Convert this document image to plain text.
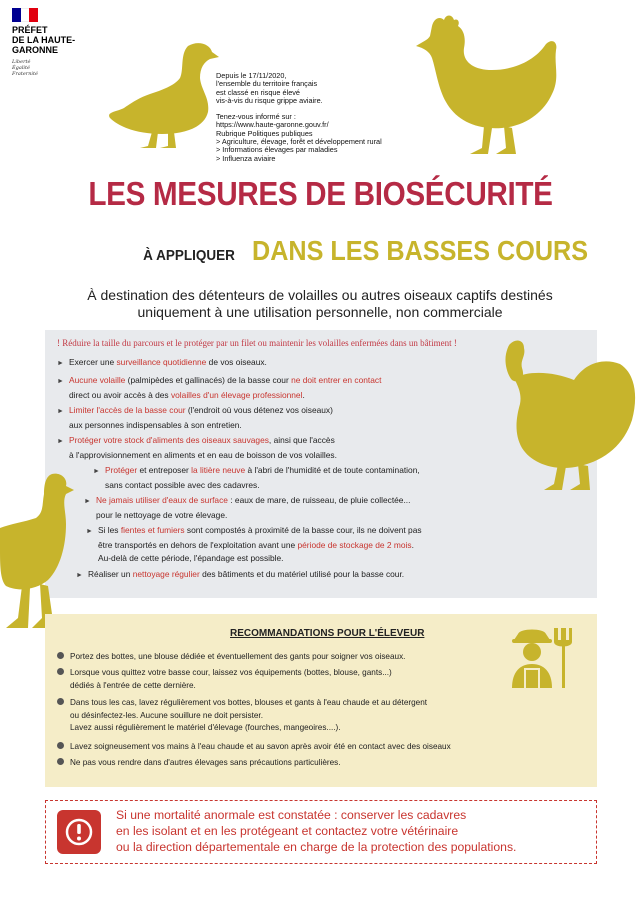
PRÉFET
DE LA HAUTE-
GARONNE
Liberté
Égalité
Fraternité	Depuis le 17/11/2020,
l'ensemble du territoire français
est classé en risque élevé
vis-à-vis du risque grippe aviaire.

Tenez-vous informé sur :
https://www.haute-garonne.gouv.fr/
Rubrique Politiques publiques
> Agriculture, élevage, forêt et développement rural
> Informations élevages par maladies
> Influenza aviaire

LES MESURES DE BIOSÉCURITÉ
À APPLIQUER DANS LES BASSES COURS
À destination des détenteurs de volailles ou autres oiseaux captifs destinés uniquement à une utilisation personnelle, non commerciale
! Réduire la taille du parcours et le protéger par un filet ou maintenir les volailles enfermées dans un bâtiment !
► Exercer une surveillance quotidienne de vos oiseaux.
► Aucune volaille (palmipèdes et gallinacés) de la basse cour ne doit entrer en contact
direct ou avoir accès à des volailles d'un élevage professionnel.
► Limiter l'accès de la basse cour (l'endroit où vous détenez vos oiseaux)
aux personnes indispensables à son entretien.
► Protéger votre stock d'aliments des oiseaux sauvages, ainsi que l'accès
à l'approvisionnement en aliments et en eau de boisson de vos volailles.
► Protéger et entreposer la litière neuve à l'abri de l'humidité et de toute contamination,
sans contact possible avec des cadavres.
► Ne jamais utiliser d'eaux de surface : eaux de mare, de ruisseau, de pluie collectée...
pour le nettoyage de votre élevage.
► Si les fientes et fumiers sont compostés à proximité de la basse cour, ils ne doivent pas
être transportés en dehors de l'exploitation avant une période de stockage de 2 mois.
Au-delà de cette période, l'épandage est possible.
► Réaliser un nettoyage régulier des bâtiments et du matériel utilisé pour la basse cour.
RECOMMANDATIONS POUR L'ÉLEVEUR
Portez des bottes, une blouse dédiée et éventuellement des gants pour soigner vos oiseaux.
Lorsque vous quittez votre basse cour, laissez vos équipements (bottes, blouse, gants...)
dédiés à l'entrée de cette dernière.
Dans tous les cas, lavez régulièrement vos bottes, blouses et gants à l'eau chaude et au détergent
ou désinfectez-les. Aucune souillure ne doit persister.
Lavez aussi régulièrement le matériel d'élevage (fourches, mangeoires....).
Lavez soigneusement vos mains à l'eau chaude et au savon après avoir été en contact avec des oiseaux
Ne pas vous rendre dans d'autres élevages sans précautions particulières.
Si une mortalité anormale est constatée : conserver les cadavres
en les isolant et en les protégeant et contactez votre vétérinaire
ou la direction départementale en charge de la protection des populations.
